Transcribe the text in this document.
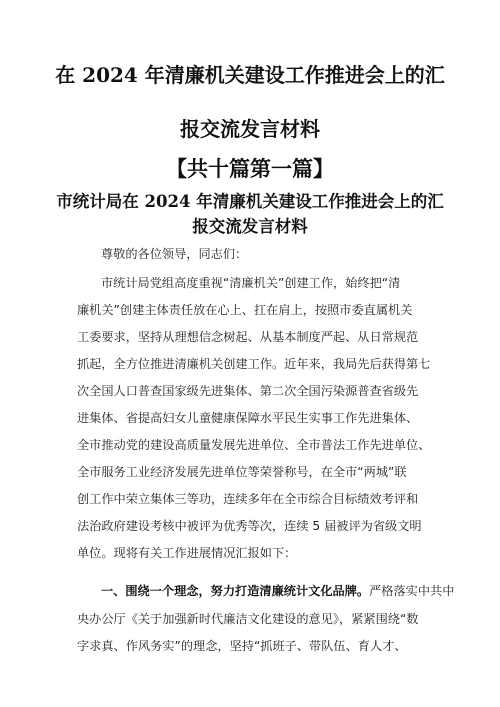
在 2024 年清廉机关建设工作推进会上的汇
报交流发言材料
【共十篇第一篇】
市统计局在 2024 年清廉机关建设工作推进会上的汇
报交流发言材料

尊敬的各位领导，同志们：

市统计局党组高度重视“清廉机关”创建工作，始终把“清

廉机关”创建主体责任放在心上、扛在肩上，按照市委直属机关

工委要求，坚持从理想信念树起、从基本制度严起、从日常规范

抓起，全方位推进清廉机关创建工作。近年来，我局先后获得第七

次全国人口普查国家级先进集体、第二次全国污染源普查省级先

进集体、省提高妇女儿童健康保障水平民生实事工作先进集体、

全市推动党的建设高质量发展先进单位、全市普法工作先进单位、

全市服务工业经济发展先进单位等荣誉称号，在全市“两城”联

创工作中荣立集体三等功，连续多年在全市综合目标绩效考评和

法治政府建设考核中被评为优秀等次，连续 5 届被评为省级文明

单位。现将有关工作进展情况汇报如下：

一、围绕一个理念，努力打造清廉统计文化品牌。严格落实中共中

央办公厅《关于加强新时代廉洁文化建设的意见》，紧紧围绕“数

字求真、作风务实”的理念，坚持“抓班子、带队伍、育人才、
